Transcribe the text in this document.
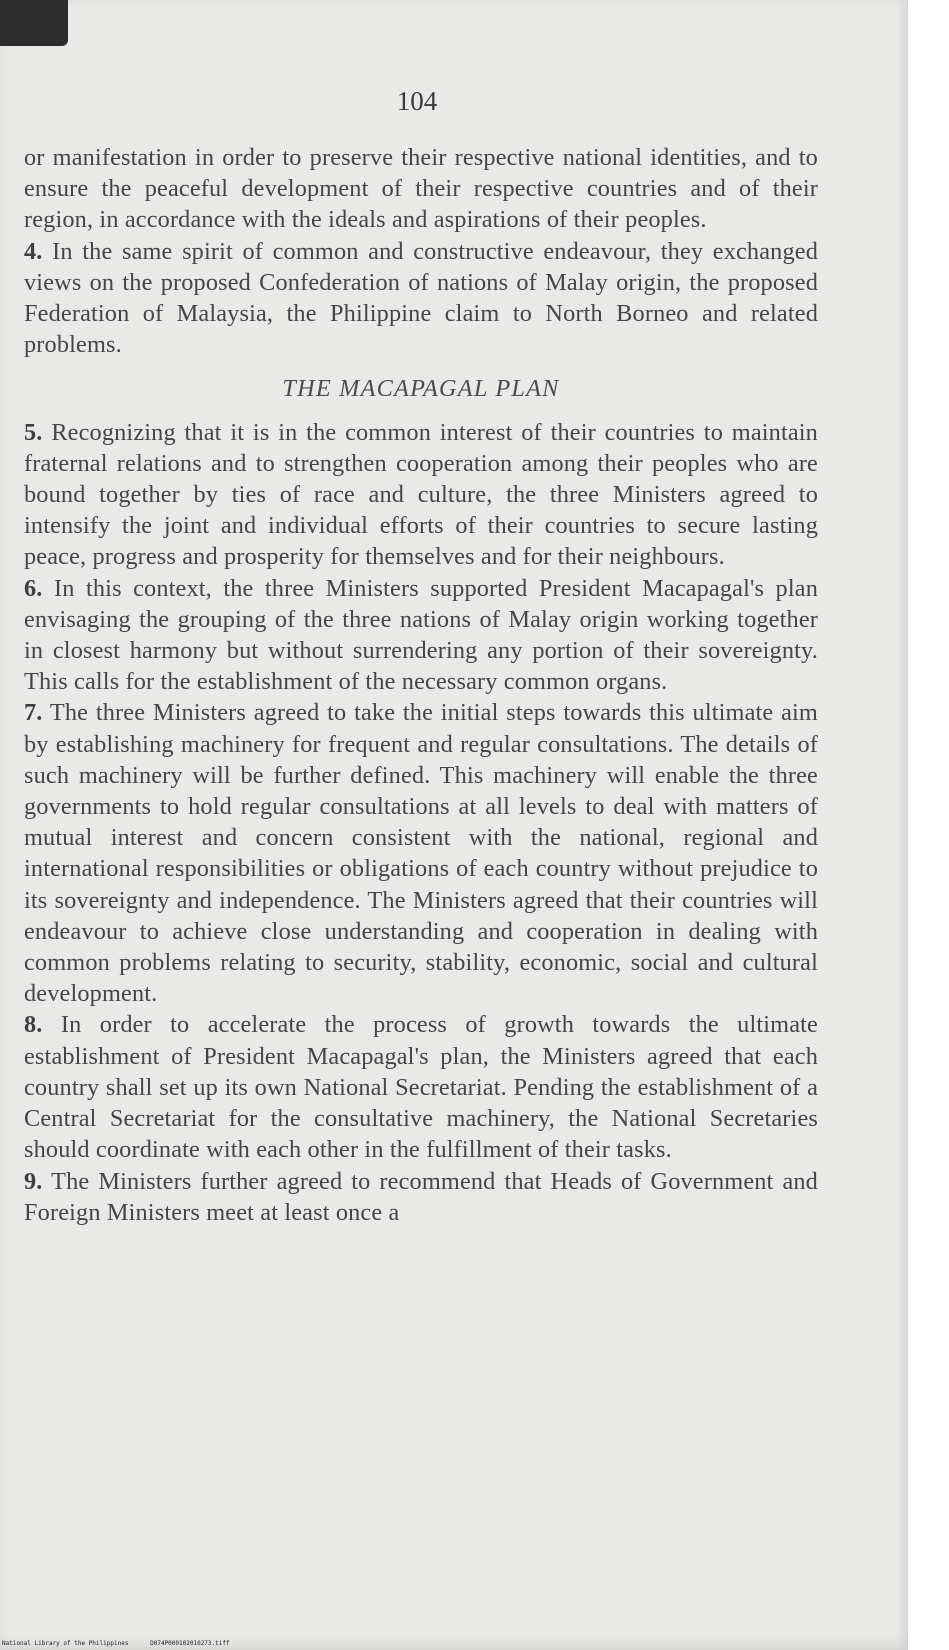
104

or manifestation in order to preserve their respective national identities, and to ensure the peaceful development of their respective countries and of their region, in accordance with the ideals and aspirations of their peoples.

4. In the same spirit of common and constructive endeavour, they exchanged views on the proposed Confederation of nations of Malay origin, the proposed Federation of Malaysia, the Philippine claim to North Borneo and related problems.

THE MACAPAGAL PLAN

5. Recognizing that it is in the common interest of their countries to maintain fraternal relations and to strengthen cooperation among their peoples who are bound together by ties of race and culture, the three Ministers agreed to intensify the joint and individual efforts of their countries to secure lasting peace, progress and prosperity for themselves and for their neighbours.

6. In this context, the three Ministers supported President Macapagal's plan envisaging the grouping of the three nations of Malay origin working together in closest harmony but without surrendering any portion of their sovereignty. This calls for the establishment of the necessary common organs.

7. The three Ministers agreed to take the initial steps towards this ultimate aim by establishing machinery for frequent and regular consultations. The details of such machinery will be further defined. This machinery will enable the three governments to hold regular consultations at all levels to deal with matters of mutual interest and concern consistent with the national, regional and international responsibilities or obligations of each country without prejudice to its sovereignty and independence. The Ministers agreed that their countries will endeavour to achieve close understanding and cooperation in dealing with common problems relating to security, stability, economic, social and cultural development.

8. In order to accelerate the process of growth towards the ultimate establishment of President Macapagal's plan, the Ministers agreed that each country shall set up its own National Secretariat. Pending the establishment of a Central Secretariat for the consultative machinery, the National Secretaries should coordinate with each other in the fulfillment of their tasks.

9. The Ministers further agreed to recommend that Heads of Government and Foreign Ministers meet at least once a

National Library of the Philippines	D074P000102010273.tiff
